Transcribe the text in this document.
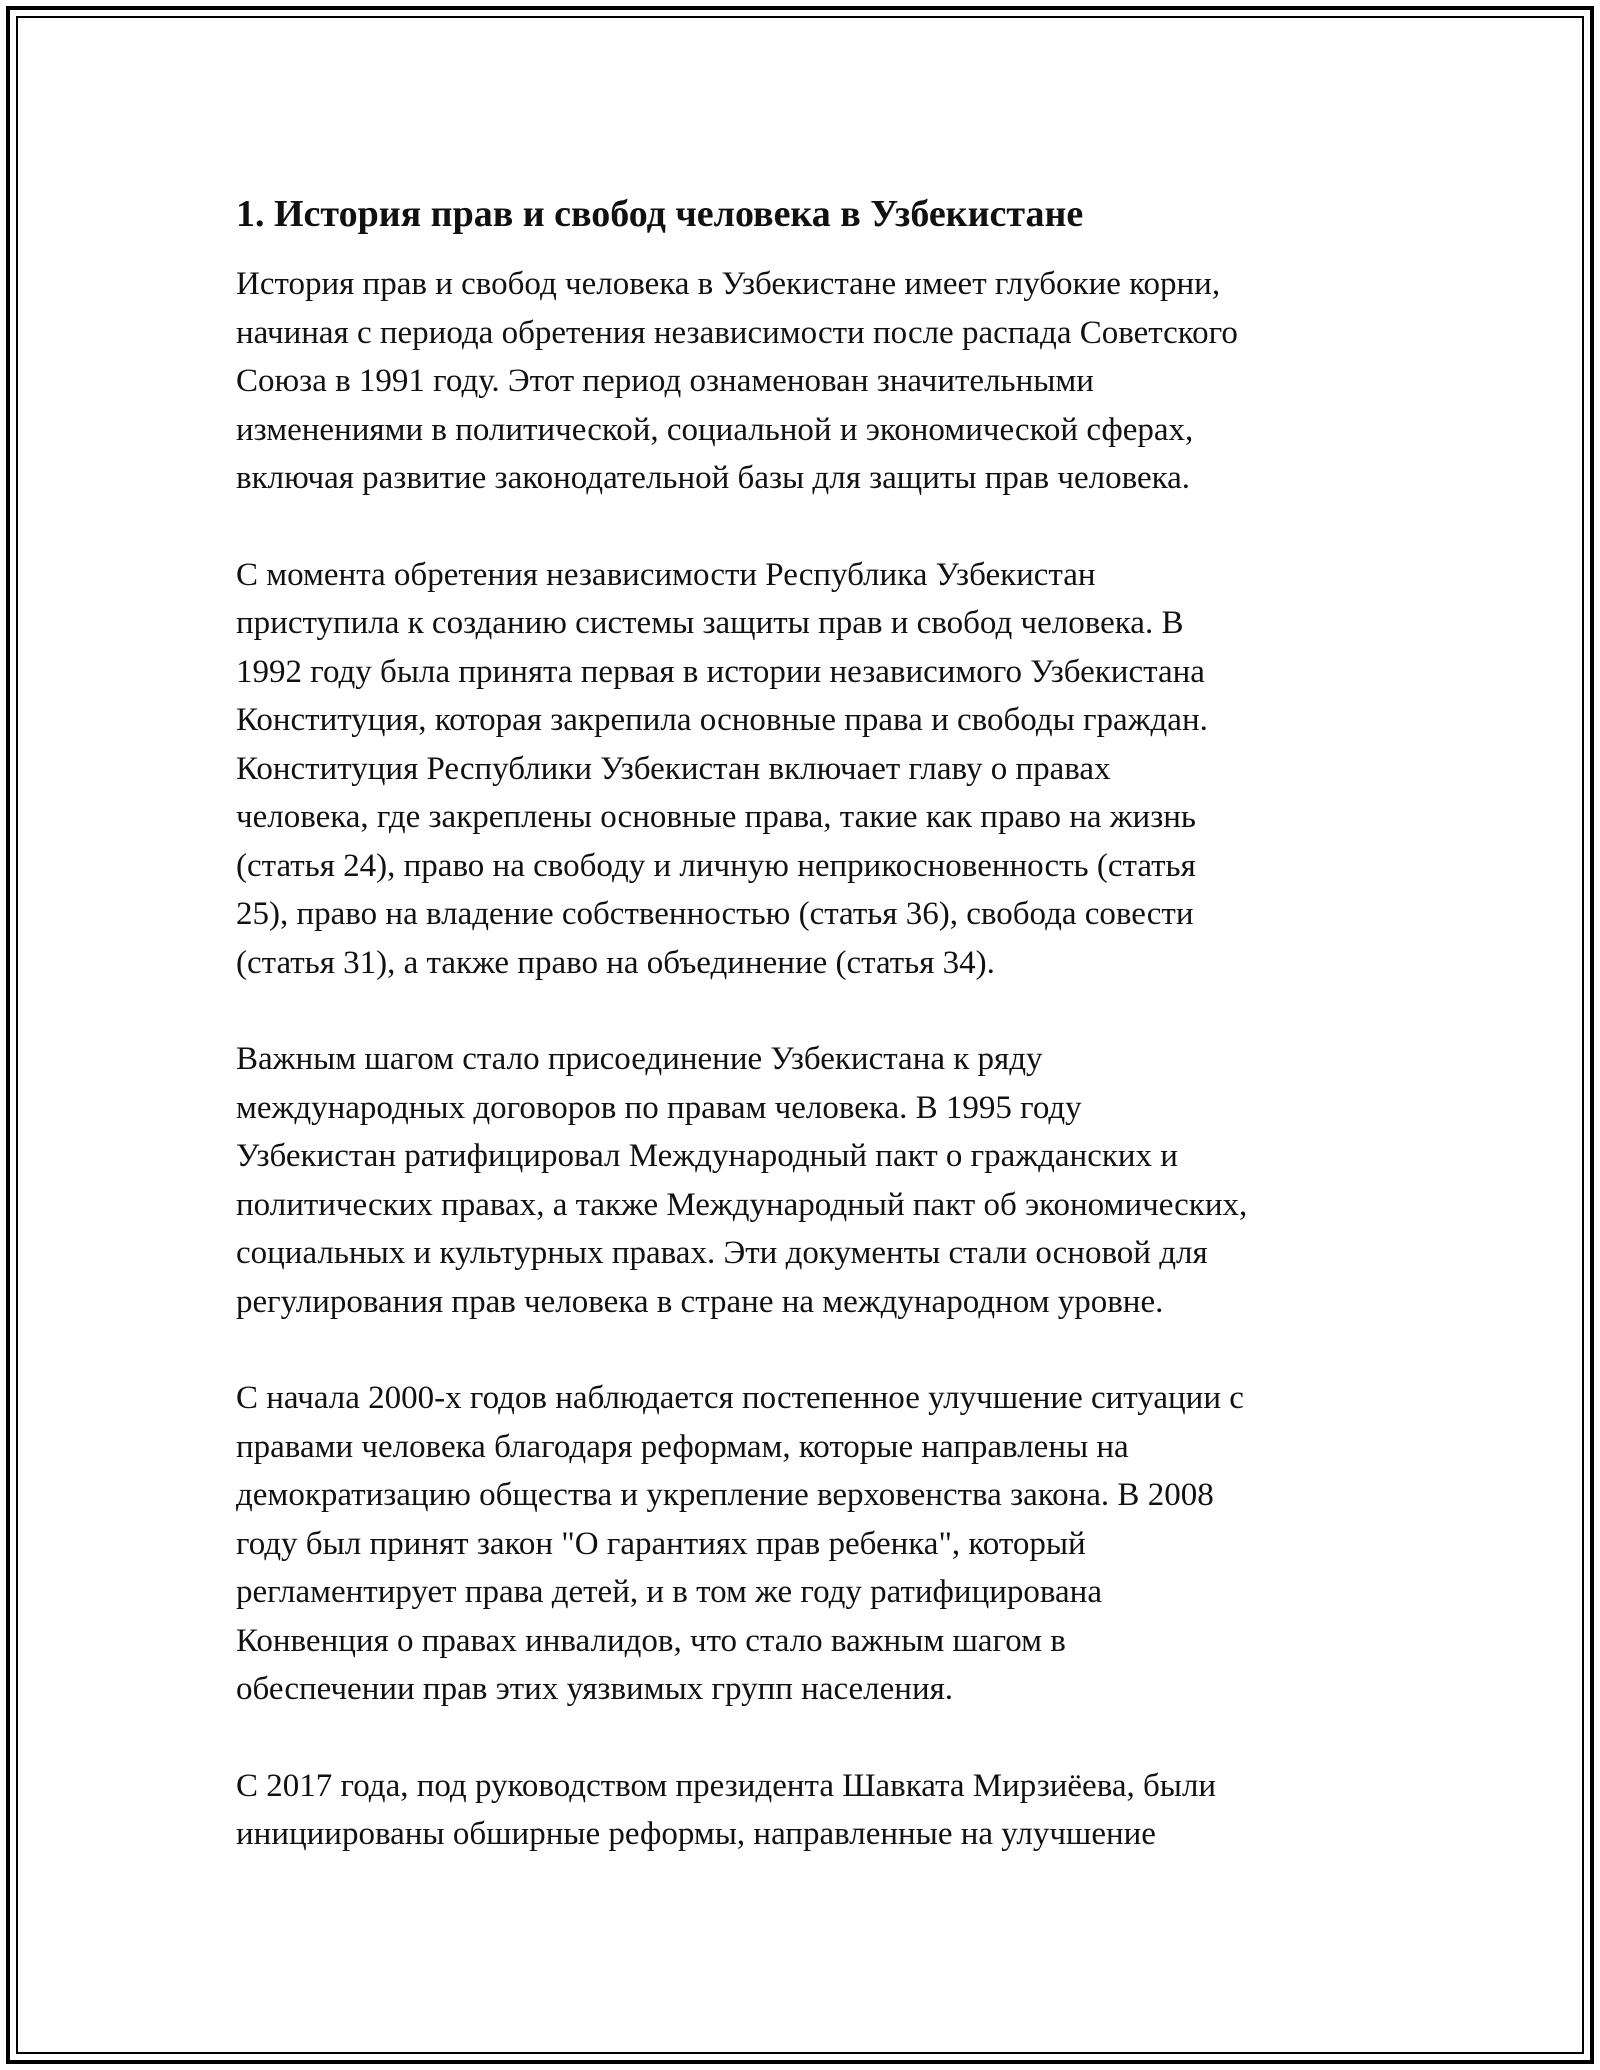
1. История прав и свобод человека в Узбекистане

История прав и свобод человека в Узбекистане имеет глубокие корни,
начиная с периода обретения независимости после распада Советского
Союза в 1991 году. Этот период ознаменован значительными
изменениями в политической, социальной и экономической сферах,
включая развитие законодательной базы для защиты прав человека.

С момента обретения независимости Республика Узбекистан
приступила к созданию системы защиты прав и свобод человека. В
1992 году была принята первая в истории независимого Узбекистана
Конституция, которая закрепила основные права и свободы граждан.
Конституция Республики Узбекистан включает главу о правах
человека, где закреплены основные права, такие как право на жизнь
(статья 24), право на свободу и личную неприкосновенность (статья
25), право на владение собственностью (статья 36), свобода совести
(статья 31), а также право на объединение (статья 34).

Важным шагом стало присоединение Узбекистана к ряду
международных договоров по правам человека. В 1995 году
Узбекистан ратифицировал Международный пакт о гражданских и
политических правах, а также Международный пакт об экономических,
социальных и культурных правах. Эти документы стали основой для
регулирования прав человека в стране на международном уровне.

С начала 2000-х годов наблюдается постепенное улучшение ситуации с
правами человека благодаря реформам, которые направлены на
демократизацию общества и укрепление верховенства закона. В 2008
году был принят закон "О гарантиях прав ребенка", который
регламентирует права детей, и в том же году ратифицирована
Конвенция о правах инвалидов, что стало важным шагом в
обеспечении прав этих уязвимых групп населения.

С 2017 года, под руководством президента Шавката Мирзиёева, были
инициированы обширные реформы, направленные на улучшение
